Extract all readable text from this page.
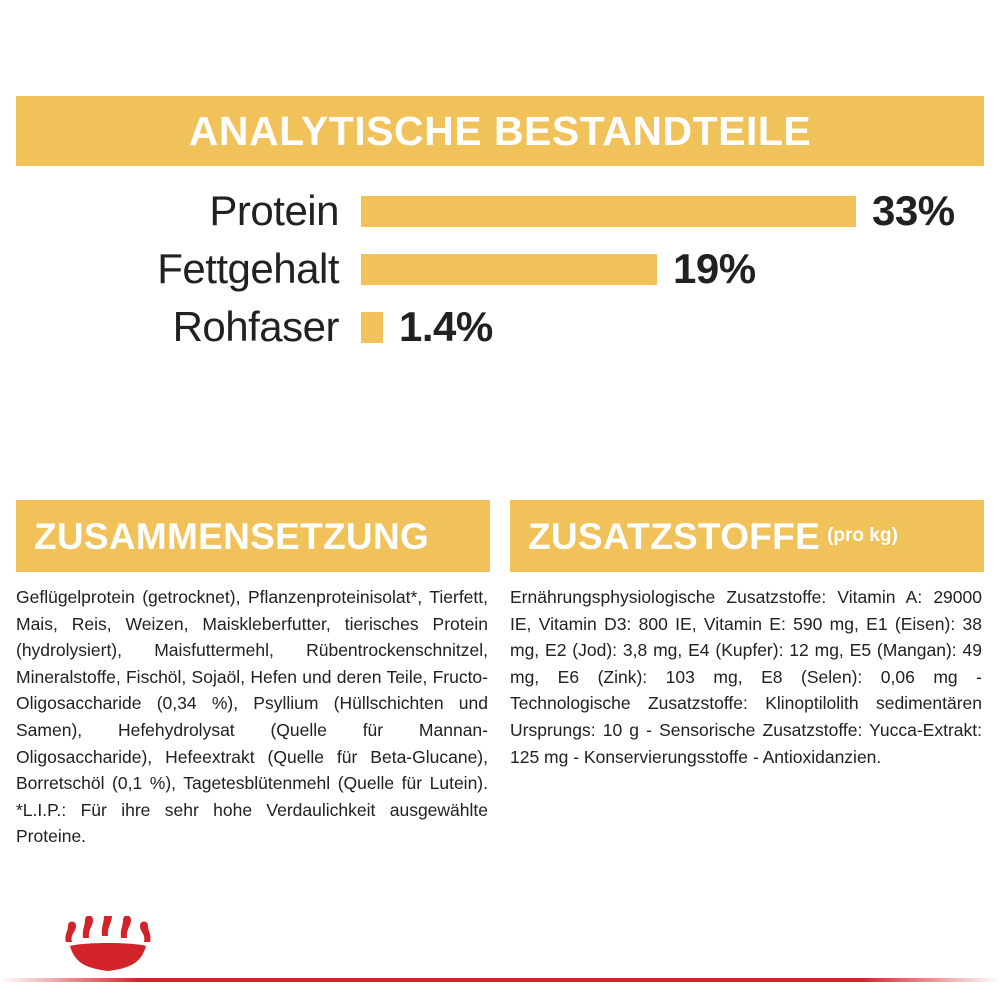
ANALYTISCHE BESTANDTEILE
Protein	33%
Fettgehalt	19%
Rohfaser	1.4%
ZUSAMMENSETZUNG
Geflügelprotein (getrocknet), Pflanzenproteinisolat*, Tierfett, Mais, Reis, Weizen, Maiskleberfutter, tierisches Protein (hydrolysiert), Maisfuttermehl, Rübentrockenschnitzel, Mineralstoffe, Fischöl, Sojaöl, Hefen und deren Teile, Fructo-Oligosaccharide (0,34 %), Psyllium (Hüllschichten und Samen), Hefehydrolysat (Quelle für Mannan-Oligosaccharide), Hefeextrakt (Quelle für Beta-Glucane), Borretschöl (0,1 %), Tagetesblütenmehl (Quelle für Lutein). *L.I.P.: Für ihre sehr hohe Verdaulichkeit ausgewählte Proteine.
ZUSATZSTOFFE (pro kg)
Ernährungsphysiologische Zusatzstoffe: Vitamin A: 29000 IE, Vitamin D3: 800 IE, Vitamin E: 590 mg, E1 (Eisen): 38 mg, E2 (Jod): 3,8 mg, E4 (Kupfer): 12 mg, E5 (Mangan): 49 mg, E6 (Zink): 103 mg, E8 (Selen): 0,06 mg - Technologische Zusatzstoffe: Klinoptilolith sedimentären Ursprungs: 10 g - Sensorische Zusatzstoffe: Yucca-Extrakt: 125 mg - Konservierungsstoffe - Antioxidanzien.
